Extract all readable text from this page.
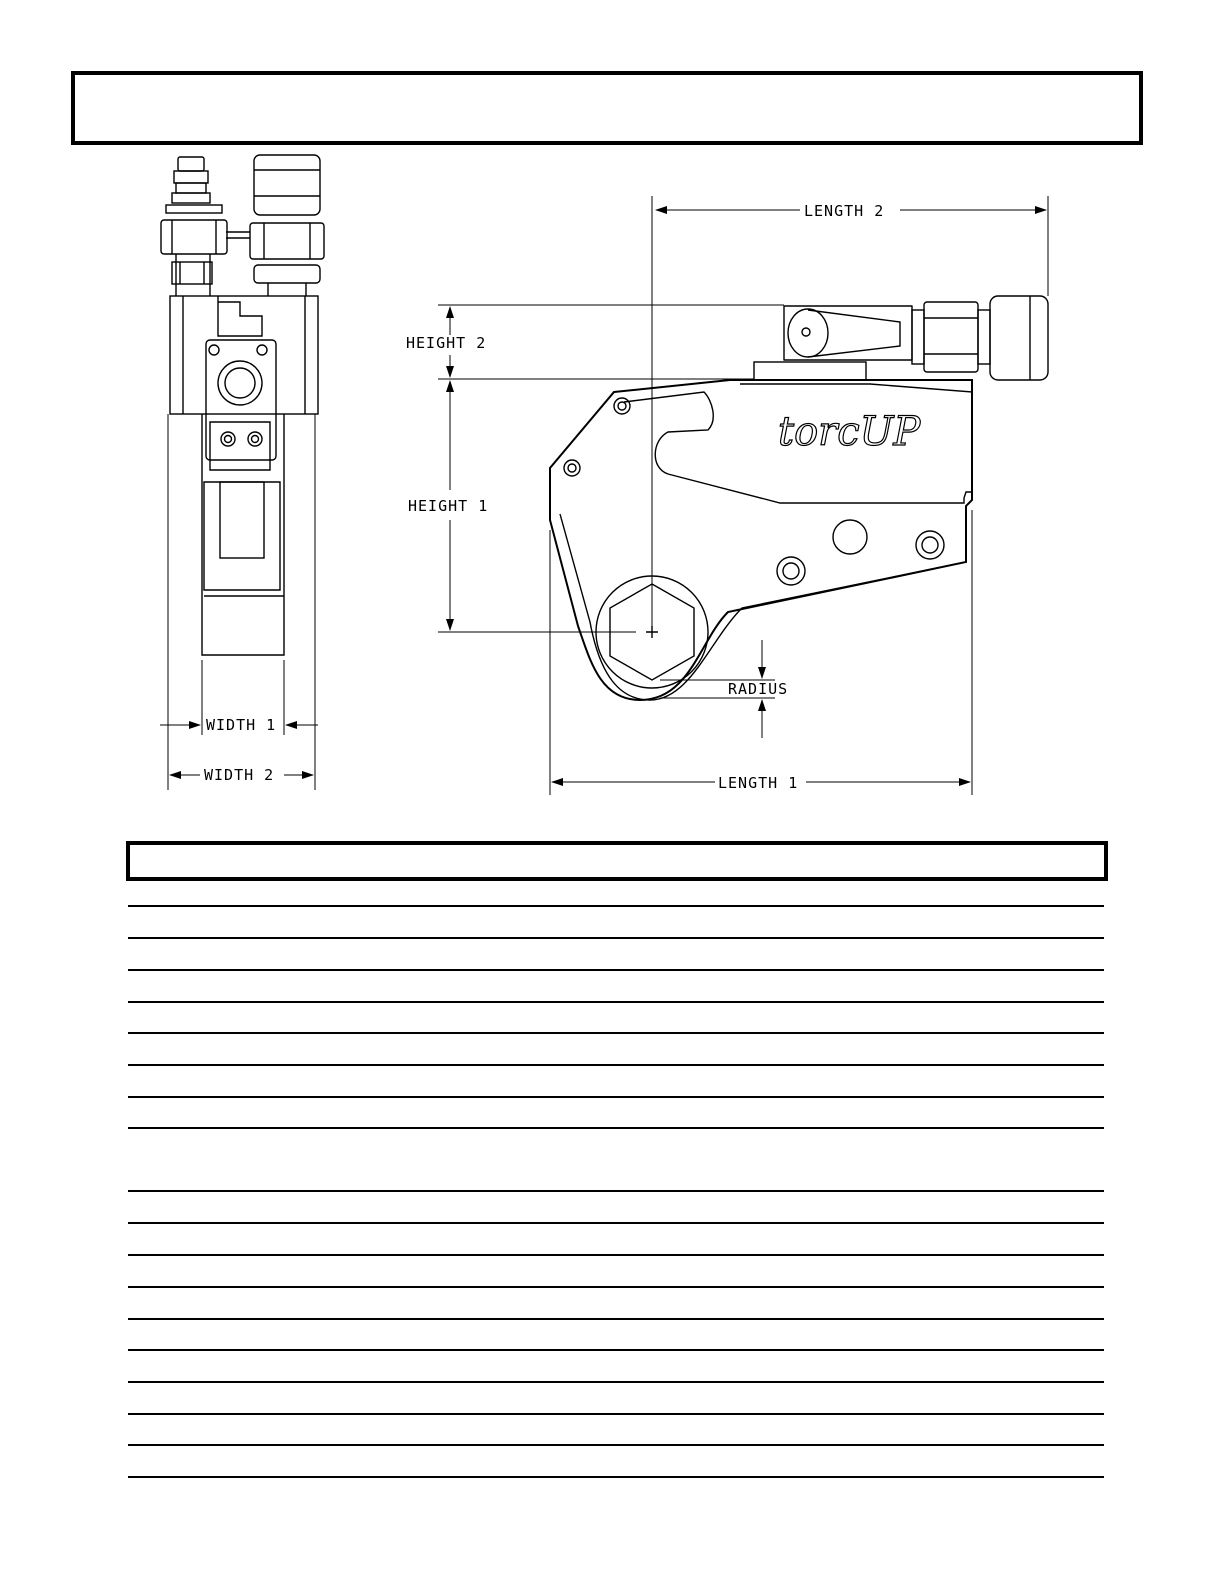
WIDTH 1
WIDTH 2
torcUP
LENGTH 2
HEIGHT 2
HEIGHT 1
LENGTH 1
RADIUS
